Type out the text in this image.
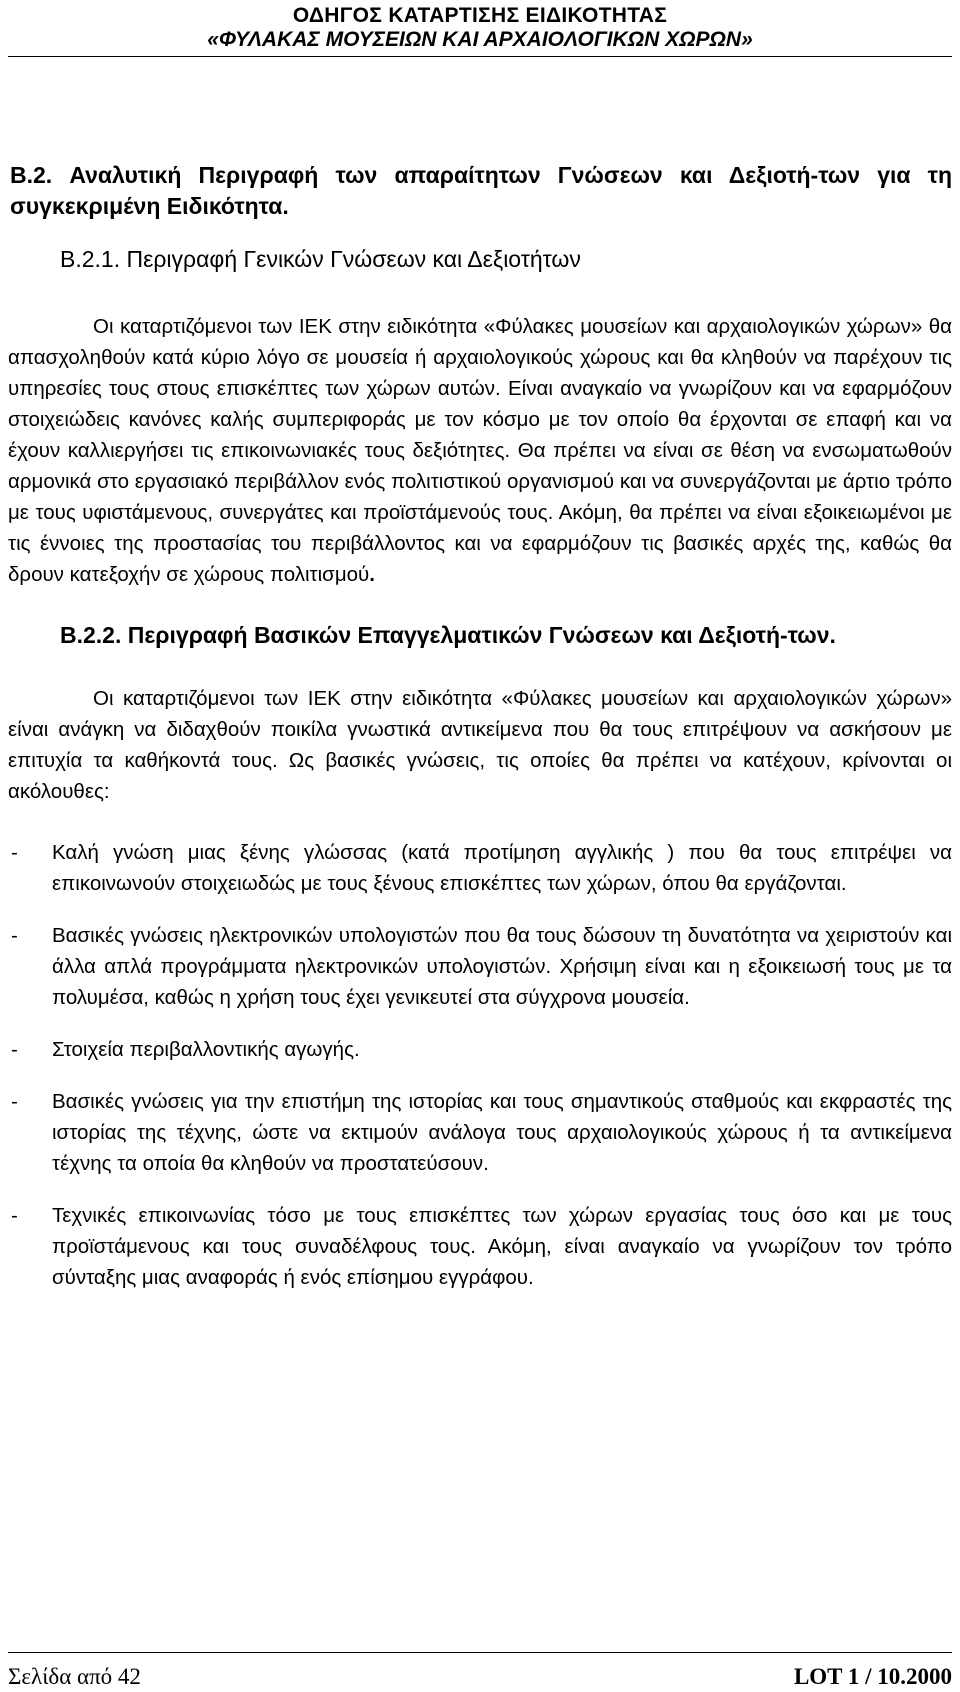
ΟΔΗΓΟΣ ΚΑΤΑΡΤΙΣΗΣ ΕΙΔΙΚΟΤΗΤΑΣ
«ΦΥΛΑΚΑΣ ΜΟΥΣΕΙΩΝ ΚΑΙ ΑΡΧΑΙΟΛΟΓΙΚΩΝ ΧΩΡΩΝ»
B.2. Αναλυτική Περιγραφή των απαραίτητων Γνώσεων και Δεξιοτή-των για τη συγκεκριμένη Ειδικότητα.
B.2.1. Περιγραφή Γενικών Γνώσεων και Δεξιοτήτων

Οι καταρτιζόμενοι των ΙΕΚ στην ειδικότητα «Φύλακες μουσείων και αρχαιολογικών χώρων» θα απασχοληθούν κατά κύριο λόγο σε μουσεία ή αρχαιολογικούς χώρους και θα κληθούν να παρέχουν τις υπηρεσίες τους στους επισκέπτες των χώρων αυτών. Είναι αναγκαίο να γνωρίζουν και να εφαρμόζουν στοιχειώδεις κανόνες καλής συμπεριφοράς με τον κόσμο με τον οποίο θα έρχονται σε επαφή και να έχουν καλλιεργήσει τις επικοινωνιακές τους δεξιότητες. Θα πρέπει να είναι σε θέση να ενσωματωθούν αρμονικά στο εργασιακό περιβάλλον ενός πολιτιστικού οργανισμού και να συνεργάζονται με άρτιο τρόπο με τους υφιστάμενους, συνεργάτες και προϊστάμενούς τους. Ακόμη, θα πρέπει να είναι εξοικειωμένοι με τις έννοιες της προστασίας του περιβάλλοντος και να εφαρμόζουν τις βασικές αρχές της, καθώς θα δρουν κατεξοχήν σε χώρους πολιτισμού.

B.2.2. Περιγραφή Βασικών Επαγγελματικών Γνώσεων και Δεξιοτή-των.

Οι καταρτιζόμενοι των ΙΕΚ στην ειδικότητα «Φύλακες μουσείων και αρχαιολογικών χώρων» είναι ανάγκη να διδαχθούν ποικίλα γνωστικά αντικείμενα που θα τους επιτρέψουν να ασκήσουν με επιτυχία τα καθήκοντά τους. Ως βασικές γνώσεις, τις οποίες θα πρέπει να κατέχουν, κρίνονται οι ακόλουθες:

- Καλή γνώση μιας ξένης γλώσσας (κατά προτίμηση αγγλικής ) που θα τους επιτρέψει να επικοινωνούν στοιχειωδώς με τους ξένους επισκέπτες των χώρων, όπου θα εργάζονται.
- Βασικές γνώσεις ηλεκτρονικών υπολογιστών που θα τους δώσουν τη δυνατότητα να χειριστούν και άλλα απλά προγράμματα ηλεκτρονικών υπολογιστών. Χρήσιμη είναι και η εξοικειωσή τους με τα πολυμέσα, καθώς η χρήση τους έχει γενικευτεί στα σύγχρονα μουσεία.
- Στοιχεία περιβαλλοντικής αγωγής.
- Βασικές γνώσεις για την επιστήμη της ιστορίας και τους σημαντικούς σταθμούς και εκφραστές της ιστορίας της τέχνης, ώστε να εκτιμούν ανάλογα τους αρχαιολογικούς χώρους ή τα αντικείμενα τέχνης τα οποία θα κληθούν να προστατεύσουν.
- Τεχνικές επικοινωνίας τόσο με τους επισκέπτες των χώρων εργασίας τους όσο και με τους προϊστάμενους και τους συναδέλφους τους. Ακόμη, είναι αναγκαίο να γνωρίζουν τον τρόπο σύνταξης μιας αναφοράς ή ενός επίσημου εγγράφου.
Σελίδα από 42	LOT 1 / 10.2000
